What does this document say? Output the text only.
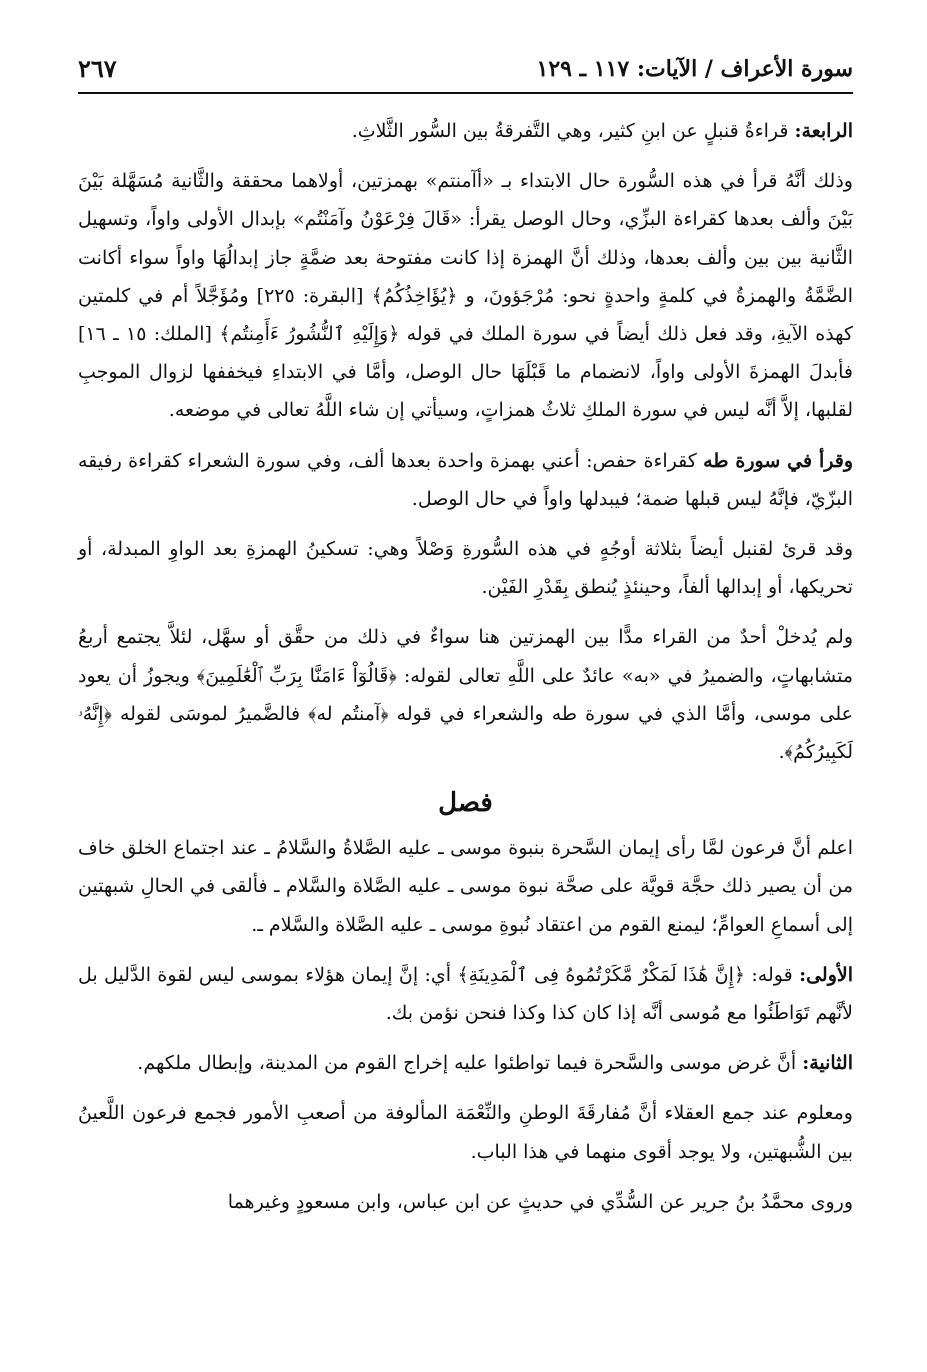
سورة الأعراف / الآيات: ١١٧ ـ ١٢٩
٢٦٧

الرابعة: قراءةُ قنبلٍ عن ابنِ كثير، وهي التَّفرقةُ بين السُّور الثَّلاثِ.

وذلك أنَّهُ قرأ في هذه السُّورة حال الابتداء بـ «أآمنتم» بهمزتين، أولاهما محققة والثَّانية مُسَهَّلة بَيْنَ بَيْنَ وألف بعدها كقراءة البزِّي، وحال الوصل يقرأ: «قَالَ فِرْعَوْنُ وآمَنْتُم» بإبدال الأولى واواً، وتسهيل الثَّانية بين بين وألف بعدها، وذلك أنَّ الهمزة إذا كانت مفتوحة بعد ضمَّةٍ جاز إبدالُهَا واواً سواء أكانت الضَّمَّةُ والهمزةُ في كلمةٍ واحدةٍ نحو: مُرْجَؤونَ، و ﴿يُؤَاخِذُكُمُ﴾ [البقرة: ٢٢٥] ومُؤَجَّلاً أم في كلمتين كهذه الآيةِ، وقد فعل ذلك أيضاً في سورة الملك في قوله ﴿وَإِلَيْهِ ٱلنُّشُورُ ءَأَمِنتُم﴾ [الملك: ١٥ ـ ١٦] فأبدلَ الهمزةَ الأولى واواً، لانضمام ما قَبْلَهَا حال الوصل، وأمَّا في الابتداءِ فيخففها لزوال الموجبِ لقلبها، إلاَّ أنَّه ليس في سورة الملكِ ثلاثُ همزاتٍ، وسيأتي إن شاء اللَّهُ تعالى في موضعه.

وقرأ في سورة طه كقراءة حفص: أعني بهمزة واحدة بعدها ألف، وفي سورة الشعراء كقراءة رفيقه البزّيّ، فإنَّهُ ليس قبلها ضمة؛ فيبدلها واواً في حال الوصل.

وقد قرئ لقنبل أيضاً بثلاثة أوجُهٍ في هذه السُّورةِ وَصْلاً وهي: تسكينُ الهمزةِ بعد الواوِ المبدلة، أو تحريكها، أو إبدالها ألفاً، وحينئذٍ يُنطق بِقَدْرِ الفَيْن.

ولم يُدخلْ أحدٌ من القراء مدًّا بين الهمزتين هنا سواءٌ في ذلك من حقَّق أو سهَّل، لئلاَّ يجتمع أربعُ متشابهاتٍ، والضميرُ في «به» عائدٌ على اللَّهِ تعالى لقوله: ﴿قَالُوٓاْ ءَامَنَّا بِرَبِّ ٱلْعَٰلَمِينَ﴾ ويجوزُ أن يعود على موسى، وأمَّا الذي في سورة طه والشعراء في قوله ﴿آمنتُم له﴾ فالضَّميرُ لموسَى لقوله ﴿إِنَّهُۥ لَكَبِيرُكُمُ﴾.

فصل

اعلم أنَّ فرعون لمَّا رأى إيمان السَّحرة بنبوة موسى ـ عليه الصَّلاةُ والسَّلامُ ـ عند اجتماع الخلق خاف من أن يصير ذلك حجَّة قويَّة على صحَّة نبوة موسى ـ عليه الصَّلاة والسَّلام ـ فألقى في الحالِ شبهتين إلى أسماعِ العوامِّ؛ ليمنع القوم من اعتقاد نُبوةِ موسى ـ عليه الصَّلاة والسَّلام ـ.

الأولى: قوله: ﴿إِنَّ هَٰذَا لَمَكْرٌ مَّكَرْتُمُوهُ فِى ٱلْمَدِينَةِ﴾ أي: إنَّ إيمان هؤلاء بموسى ليس لقوة الدَّليل بل لأنَّهم تَوَاطَئُوا مع مُوسى أنَّه إذا كان كذا وكذا فنحن نؤمن بك.

الثانية: أنَّ غرض موسى والسَّحرة فيما تواطئوا عليه إخراج القوم من المدينة، وإبطال ملكهم.

ومعلوم عند جمع العقلاء أنَّ مُفارقَةَ الوطنِ والنِّعْمَة المألوفة من أصعبِ الأمور فجمع فرعون اللَّعينُ بين الشُّبهتين، ولا يوجد أقوى منهما في هذا الباب.

وروى محمَّدُ بنُ جرير عن السُّدِّي في حديثٍ عن ابن عباس، وابن مسعودٍ وغيرهما
